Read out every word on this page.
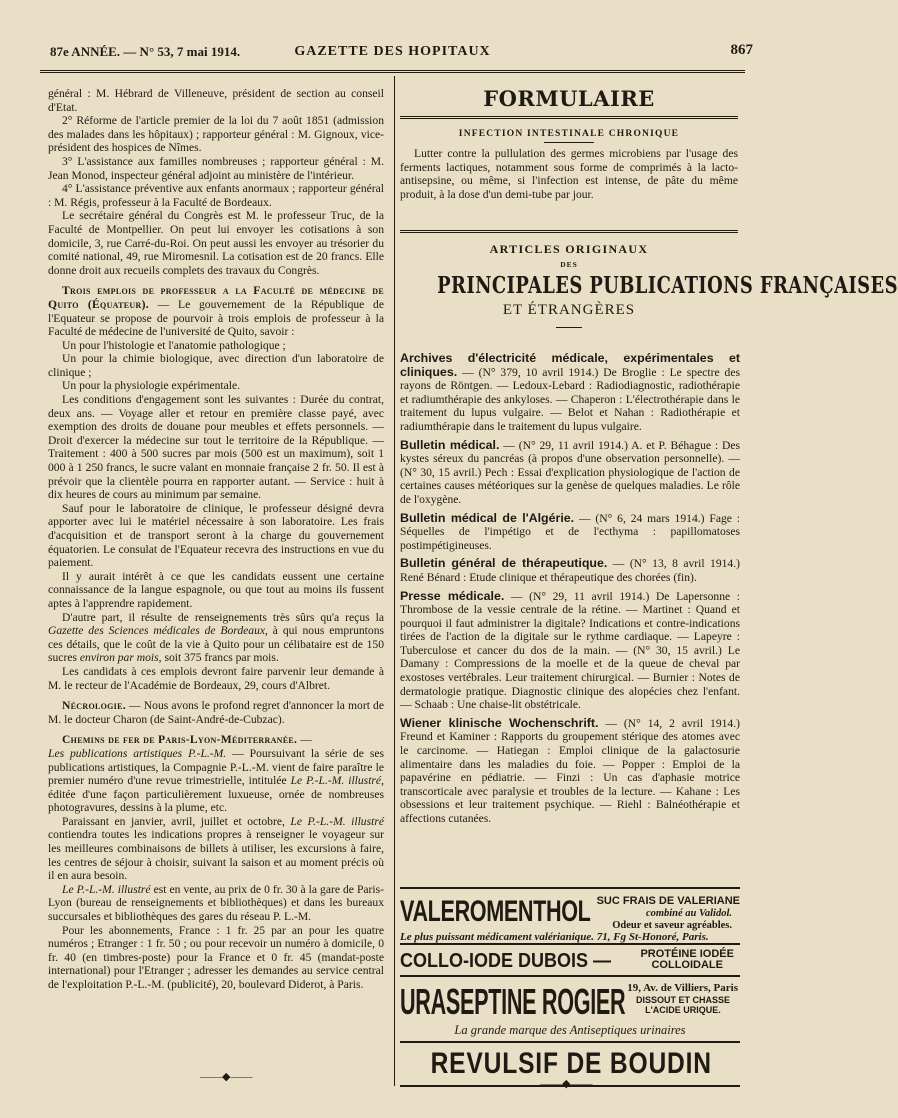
87e ANNÉE. — N° 53, 7 mai 1914.	GAZETTE DES HOPITAUX	867

général : M. Hébrard de Villeneuve, président de section au conseil d'Etat.

2° Réforme de l'article premier de la loi du 7 août 1851 (admission des malades dans les hôpitaux) ; rapporteur général : M. Gignoux, vice-président des hospices de Nîmes.

3° L'assistance aux familles nombreuses ; rapporteur général : M. Jean Monod, inspecteur général adjoint au ministère de l'intérieur.

4° L'assistance préventive aux enfants anormaux ; rapporteur général : M. Régis, professeur à la Faculté de Bordeaux.

Le secrétaire général du Congrès est M. le professeur Truc, de la Faculté de Montpellier. On peut lui envoyer les cotisations à son domicile, 3, rue Carré-du-Roi. On peut aussi les envoyer au trésorier du comité national, 49, rue Miromesnil. La cotisation est de 20 francs. Elle donne droit aux recueils complets des travaux du Congrès.

Trois emplois de professeur a la Faculté de médecine de Quito (Équateur). — Le gouvernement de la République de l'Equateur se propose de pourvoir à trois emplois de professeur à la Faculté de médecine de l'université de Quito, savoir :

Un pour l'histologie et l'anatomie pathologique ;

Un pour la chimie biologique, avec direction d'un laboratoire de clinique ;

Un pour la physiologie expérimentale.

Les conditions d'engagement sont les suivantes : Durée du contrat, deux ans. — Voyage aller et retour en première classe payé, avec exemption des droits de douane pour meubles et effets personnels. — Droit d'exercer la médecine sur tout le territoire de la République. — Traitement : 400 à 500 sucres par mois (500 est un maximum), soit 1 000 à 1 250 francs, le sucre valant en monnaie française 2 fr. 50. Il est à prévoir que la clientèle pourra en rapporter autant. — Service : huit à dix heures de cours au minimum par semaine.

Sauf pour le laboratoire de clinique, le professeur désigné devra apporter avec lui le matériel nécessaire à son laboratoire. Les frais d'acquisition et de transport seront à la charge du gouvernement équatorien. Le consulat de l'Equateur recevra des instructions en vue du paiement.

Il y aurait intérêt à ce que les candidats eussent une certaine connaissance de la langue espagnole, ou que tout au moins ils fussent aptes à l'apprendre rapidement.

D'autre part, il résulte de renseignements très sûrs qu'a reçus la Gazette des Sciences médicales de Bordeaux, à qui nous empruntons ces détails, que le coût de la vie à Quito pour un célibataire est de 150 sucres environ par mois, soit 375 francs par mois.

Les candidats à ces emplois devront faire parvenir leur demande à M. le recteur de l'Académie de Bordeaux, 29, cours d'Albret.

Nécrologie. — Nous avons le profond regret d'annoncer la mort de M. le docteur Charon (de Saint-André-de-Cubzac).

Chemins de fer de Paris-Lyon-Méditerranée. —

Les publications artistiques P.-L.-M. — Poursuivant la série de ses publications artistiques, la Compagnie P.-L.-M. vient de faire paraître le premier numéro d'une revue trimestrielle, intitulée Le P.-L.-M. illustré, éditée d'une façon particulièrement luxueuse, ornée de nombreuses photogravures, dessins à la plume, etc.

Paraissant en janvier, avril, juillet et octobre, Le P.-L.-M. illustré contiendra toutes les indications propres à renseigner le voyageur sur les meilleures combinaisons de billets à utiliser, les excursions à faire, les centres de séjour à choisir, suivant la saison et au moment précis où il en aura besoin.

Le P.-L.-M. illustré est en vente, au prix de 0 fr. 30 à la gare de Paris-Lyon (bureau de renseignements et bibliothèques) et dans les bureaux succursales et bibliothèques des gares du réseau P. L.-M.

Pour les abonnements, France : 1 fr. 25 par an pour les quatre numéros ; Etranger : 1 fr. 50 ; ou pour recevoir un numéro à domicile, 0 fr. 40 (en timbres-poste) pour la France et 0 fr. 45 (mandat-poste international) pour l'Etranger ; adresser les demandes au service central de l'exploitation P.-L.-M. (publicité), 20, boulevard Diderot, à Paris.

FORMULAIRE
INFECTION INTESTINALE CHRONIQUE
Lutter contre la pullulation des germes microbiens par l'usage des ferments lactiques, notamment sous forme de comprimés à la lacto-antisepsine, ou même, si l'infection est intense, de pâte du même produit, à la dose d'un demi-tube par jour.
ARTICLES ORIGINAUX
DES
PRINCIPALES PUBLICATIONS FRANÇAISES
ET ÉTRANGÈRES
Archives d'électricité médicale, expérimentales et cliniques. — (N° 379, 10 avril 1914.) De Broglie : Le spectre des rayons de Röntgen. — Ledoux-Lebard : Radiodiagnostic, radiothérapie et radiumthérapie des ankyloses. — Chaperon : L'électrothérapie dans le traitement du lupus vulgaire. — Belot et Nahan : Radiothérapie et radiumthérapie dans le traitement du lupus vulgaire.
Bulletin médical. — (N° 29, 11 avril 1914.) A. et P. Béhague : Des kystes séreux du pancréas (à propos d'une observation personnelle). — (N° 30, 15 avril.) Pech : Essai d'explication physiologique de l'action de certaines causes météoriques sur la genèse de quelques maladies. Le rôle de l'oxygène.
Bulletin médical de l'Algérie. — (N° 6, 24 mars 1914.) Fage : Séquelles de l'impétigo et de l'ecthyma : papillomatoses postimpétigineuses.
Bulletin général de thérapeutique. — (N° 13, 8 avril 1914.) René Bénard : Etude clinique et thérapeutique des chorées (fin).
Presse médicale. — (N° 29, 11 avril 1914.) De Lapersonne : Thrombose de la vessie centrale de la rétine. — Martinet : Quand et pourquoi il faut administrer la digitale? Indications et contre-indications tirées de l'action de la digitale sur le rythme cardiaque. — Lapeyre : Tuberculose et cancer du dos de la main. — (N° 30, 15 avril.) Le Damany : Compressions de la moelle et de la queue de cheval par exostoses vertébrales. Leur traitement chirurgical. — Burnier : Notes de dermatologie pratique. Diagnostic clinique des alopécies chez l'enfant. — Schaab : Une chaise-lit obstétricale.
Wiener klinische Wochenschrift. — (N° 14, 2 avril 1914.) Freund et Kaminer : Rapports du groupement stérique des atomes avec le carcinome. — Hatiegan : Emploi clinique de la galactosurie alimentaire dans les maladies du foie. — Popper : Emploi de la papavérine en pédiatrie. — Finzi : Un cas d'aphasie motrice transcorticale avec paralysie et troubles de la lecture. — Kahane : Les obsessions et leur traitement psychique. — Riehl : Balnéothérapie et affections cutanées.
VALEROMENTHOL SUC FRAIS DE VALERIANE
combiné au Validol.
Odeur et saveur agréables.
Le plus puissant médicament valérianique. 71, Fg St-Honoré, Paris.
COLLO-IODE DUBOIS —	PROTÉINE IODÉE
COLLOIDALE
URASEPTINE ROGIER 19, Av. de Villiers, Paris
DISSOUT ET CHASSE
L'ACIDE URIQUE.
La grande marque des Antiseptiques urinaires
REVULSIF DE BOUDIN
——◆——
——◆——
